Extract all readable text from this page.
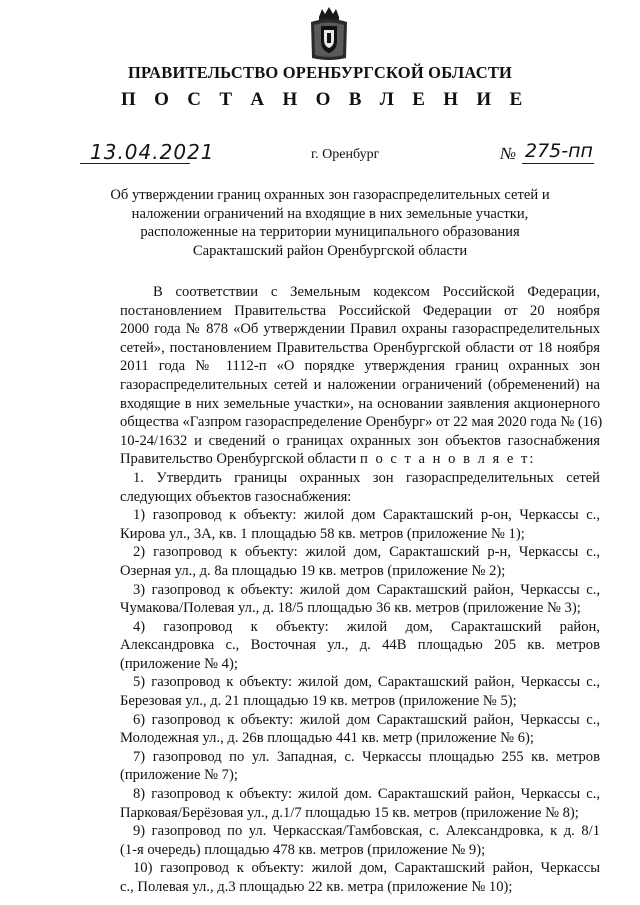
ПРАВИТЕЛЬСТВО ОРЕНБУРГСКОЙ ОБЛАСТИ
П О С Т А Н О В Л Е Н И Е
13.04.2021	г. Оренбург	№ 275-пп
Об утверждении границ охранных зон газораспределительных сетей и
наложении ограничений на входящие в них земельные участки,
расположенные на территории муниципального образования
Саракташский район Оренбургской области
В соответствии с Земельным кодексом Российской Федерации,
постановлением Правительства Российской Федерации от 20 ноября
2000 года № 878 «Об утверждении Правил охраны газораспределительных
сетей», постановлением Правительства Оренбургской области от 18 ноября
2011 года № 1112-п «О порядке утверждения границ охранных зон
газораспределительных сетей и наложении ограничений (обременений) на
входящие в них земельные участки», на основании заявления акционерного
общества «Газпром газораспределение Оренбург» от 22 мая 2020 года № (16)
10-24/1632 и сведений о границах охранных зон объектов газоснабжения
Правительство Оренбургской области п о с т а н о в л я е т:
1. Утвердить границы охранных зон газораспределительных сетей
следующих объектов газоснабжения:
1) газопровод к объекту: жилой дом Саракташский р-он, Черкассы с.,
Кирова ул., 3А, кв. 1 площадью 58 кв. метров (приложение № 1);
2) газопровод к объекту: жилой дом, Саракташский р-н, Черкассы с.,
Озерная ул., д. 8а площадью 19 кв. метров (приложение № 2);
3) газопровод к объекту: жилой дом Саракташский район, Черкассы с.,
Чумакова/Полевая ул., д. 18/5 площадью 36 кв. метров (приложение № 3);
4) газопровод к объекту: жилой дом, Саракташский район,
Александровка с., Восточная ул., д. 44В площадью 205 кв. метров
(приложение № 4);
5) газопровод к объекту: жилой дом, Саракташский район, Черкассы с.,
Березовая ул., д. 21 площадью 19 кв. метров (приложение № 5);
6) газопровод к объекту: жилой дом Саракташский район, Черкассы с.,
Молодежная ул., д. 26в площадью 441 кв. метр (приложение № 6);
7) газопровод по ул. Западная, с. Черкассы площадью 255 кв. метров
(приложение № 7);
8) газопровод к объекту: жилой дом. Саракташский район, Черкассы с.,
Парковая/Берёзовая ул., д.1/7 площадью 15 кв. метров (приложение № 8);
9) газопровод по ул. Черкасская/Тамбовская, с. Александровка, к д. 8/1
(1-я очередь) площадью 478 кв. метров (приложение № 9);
10) газопровод к объекту: жилой дом, Саракташский район, Черкассы
с., Полевая ул., д.3 площадью 22 кв. метра (приложение № 10);
